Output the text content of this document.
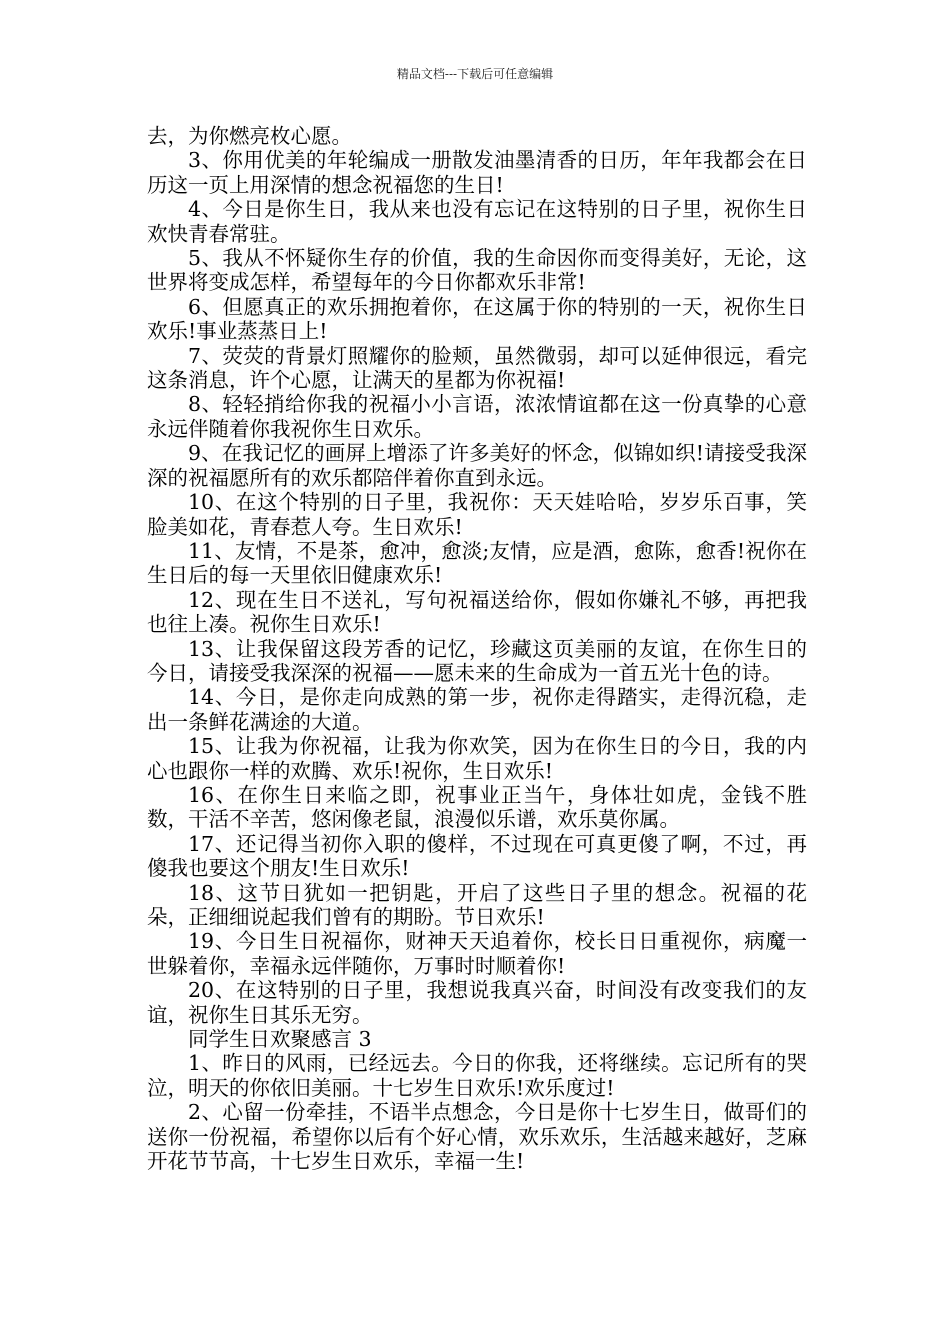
精品文档---下载后可任意编辑

去，为你燃亮枚心愿。

3、你用优美的年轮编成一册散发油墨清香的日历，年年我都会在日历这一页上用深情的想念祝福您的生日!

4、今日是你生日，我从来也没有忘记在这特别的日子里，祝你生日欢快青春常驻。

5、我从不怀疑你生存的价值，我的生命因你而变得美好，无论，这世界将变成怎样，希望每年的今日你都欢乐非常!

6、但愿真正的欢乐拥抱着你，在这属于你的特别的一天，祝你生日欢乐!事业蒸蒸日上!

7、荧荧的背景灯照耀你的脸颊，虽然微弱，却可以延伸很远，看完这条消息，许个心愿，让满天的星都为你祝福!

8、轻轻捎给你我的祝福小小言语，浓浓情谊都在这一份真挚的心意永远伴随着你我祝你生日欢乐。

9、在我记忆的画屏上增添了许多美好的怀念，似锦如织!请接受我深深的祝福愿所有的欢乐都陪伴着你直到永远。

10、在这个特别的日子里，我祝你：天天娃哈哈，岁岁乐百事，笑脸美如花，青春惹人夸。生日欢乐!

11、友情，不是茶，愈冲，愈淡;友情，应是酒，愈陈，愈香!祝你在生日后的每一天里依旧健康欢乐!

12、现在生日不送礼，写句祝福送给你，假如你嫌礼不够，再把我也往上凑。祝你生日欢乐!

13、让我保留这段芳香的记忆，珍藏这页美丽的友谊，在你生日的今日，请接受我深深的祝福——愿未来的生命成为一首五光十色的诗。

14、今日，是你走向成熟的第一步，祝你走得踏实，走得沉稳，走出一条鲜花满途的大道。

15、让我为你祝福，让我为你欢笑，因为在你生日的今日，我的内心也跟你一样的欢腾、欢乐!祝你，生日欢乐!

16、在你生日来临之即，祝事业正当午，身体壮如虎，金钱不胜数，干活不辛苦，悠闲像老鼠，浪漫似乐谱，欢乐莫你属。

17、还记得当初你入职的傻样，不过现在可真更傻了啊，不过，再傻我也要这个朋友!生日欢乐!

18、这节日犹如一把钥匙，开启了这些日子里的想念。祝福的花朵，正细细说起我们曾有的期盼。节日欢乐!

19、今日生日祝福你，财神天天追着你，校长日日重视你，病魔一世躲着你，幸福永远伴随你，万事时时顺着你!

20、在这特别的日子里，我想说我真兴奋，时间没有改变我们的友谊，祝你生日其乐无穷。

同学生日欢聚感言 3

1、昨日的风雨，已经远去。今日的你我，还将继续。忘记所有的哭泣，明天的你依旧美丽。十七岁生日欢乐!欢乐度过!

2、心留一份牵挂，不语半点想念，今日是你十七岁生日，做哥们的送你一份祝福，希望你以后有个好心情，欢乐欢乐，生活越来越好，芝麻开花节节高，十七岁生日欢乐，幸福一生!
